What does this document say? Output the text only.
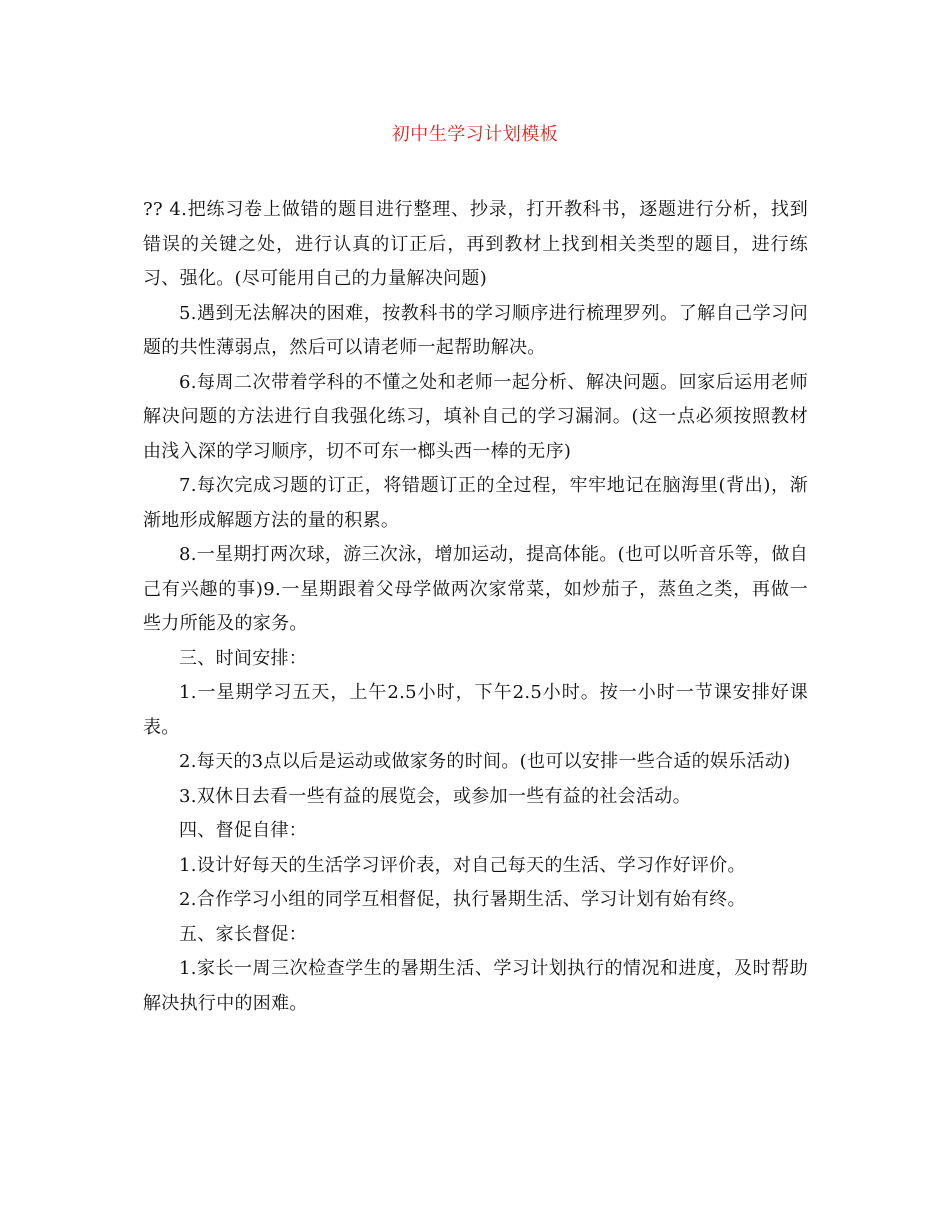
初中生学习计划模板

?? 4.把练习卷上做错的题目进行整理、抄录，打开教科书，逐题进行分析，找到错误的关键之处，进行认真的订正后，再到教材上找到相关类型的题目，进行练习、强化。(尽可能用自己的力量解决问题)

5.遇到无法解决的困难，按教科书的学习顺序进行梳理罗列。了解自己学习问题的共性薄弱点，然后可以请老师一起帮助解决。

6.每周二次带着学科的不懂之处和老师一起分析、解决问题。回家后运用老师解决问题的方法进行自我强化练习，填补自己的学习漏洞。(这一点必须按照教材由浅入深的学习顺序，切不可东一榔头西一棒的无序)

7.每次完成习题的订正，将错题订正的全过程，牢牢地记在脑海里(背出)，渐渐地形成解题方法的量的积累。

8.一星期打两次球，游三次泳，增加运动，提高体能。(也可以听音乐等，做自己有兴趣的事)9.一星期跟着父母学做两次家常菜，如炒茄子，蒸鱼之类，再做一些力所能及的家务。

三、时间安排：

1.一星期学习五天，上午2.5小时，下午2.5小时。按一小时一节课安排好课表。

2.每天的3点以后是运动或做家务的时间。(也可以安排一些合适的娱乐活动)

3.双休日去看一些有益的展览会，或参加一些有益的社会活动。

四、督促自律：

1.设计好每天的生活学习评价表，对自己每天的生活、学习作好评价。

2.合作学习小组的同学互相督促，执行暑期生活、学习计划有始有终。

五、家长督促：

1.家长一周三次检查学生的暑期生活、学习计划执行的情况和进度，及时帮助解决执行中的困难。
